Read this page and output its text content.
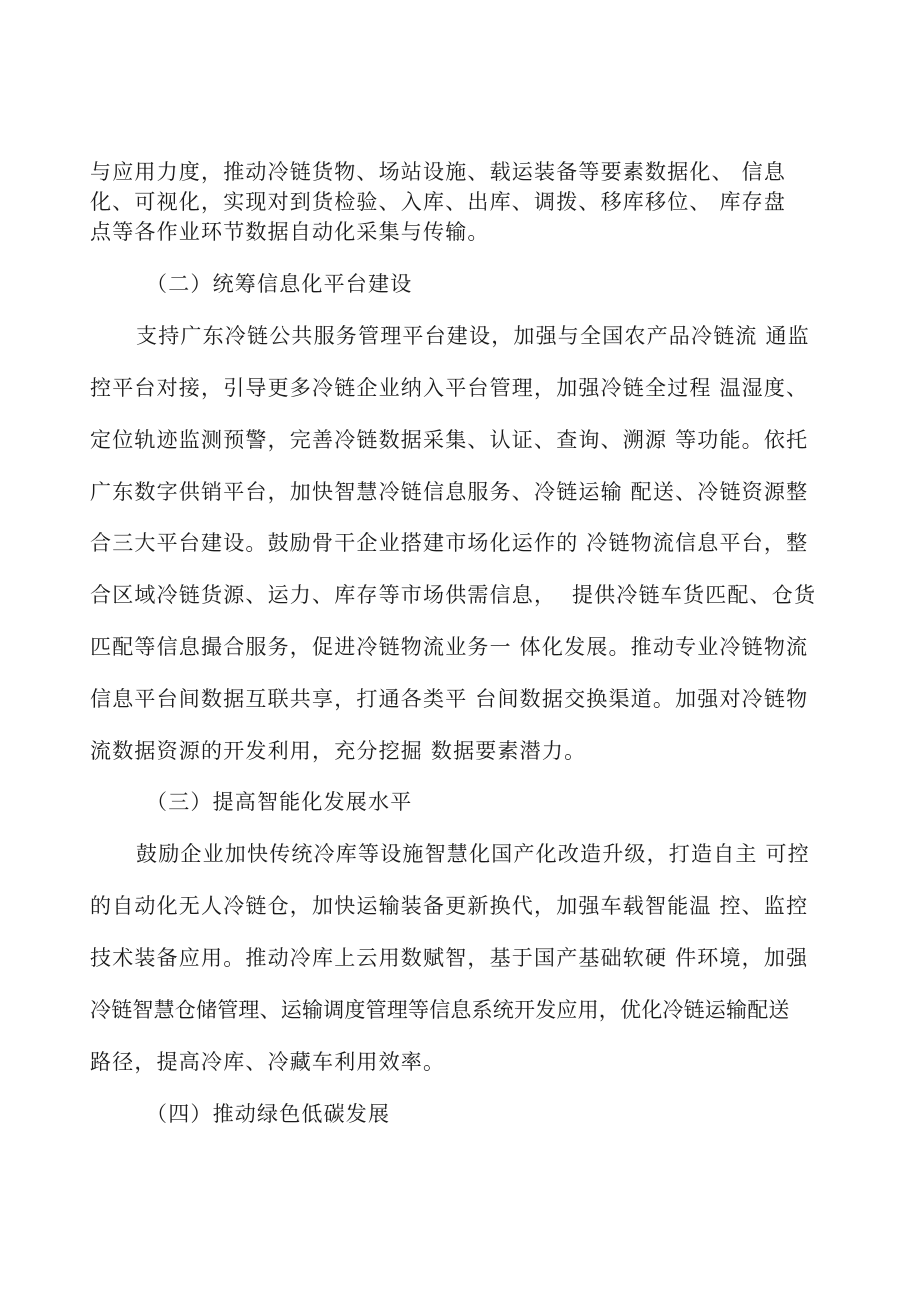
与应用力度，推动冷链货物、场站设施、载运装备等要素数据化、 信息
化、可视化，实现对到货检验、入库、出库、调拨、移库移位、 库存盘
点等各作业环节数据自动化采集与传输。
（二）统筹信息化平台建设
支持广东冷链公共服务管理平台建设，加强与全国农产品冷链流 通监
控平台对接，引导更多冷链企业纳入平台管理，加强冷链全过程 温湿度、
定位轨迹监测预警，完善冷链数据采集、认证、查询、溯源 等功能。依托
广东数字供销平台，加快智慧冷链信息服务、冷链运输 配送、冷链资源整
合三大平台建设。鼓励骨干企业搭建市场化运作的 冷链物流信息平台，整
合区域冷链货源、运力、库存等市场供需信息，  提供冷链车货匹配、仓货
匹配等信息撮合服务，促进冷链物流业务一 体化发展。推动专业冷链物流
信息平台间数据互联共享，打通各类平 台间数据交换渠道。加强对冷链物
流数据资源的开发利用，充分挖掘 数据要素潜力。
（三）提高智能化发展水平
鼓励企业加快传统冷库等设施智慧化国产化改造升级，打造自主 可控
的自动化无人冷链仓，加快运输装备更新换代，加强车载智能温 控、监控
技术装备应用。推动冷库上云用数赋智，基于国产基础软硬 件环境，加强
冷链智慧仓储管理、运输调度管理等信息系统开发应用，优化冷链运输配送
路径，提高冷库、冷藏车利用效率。
（四）推动绿色低碳发展
